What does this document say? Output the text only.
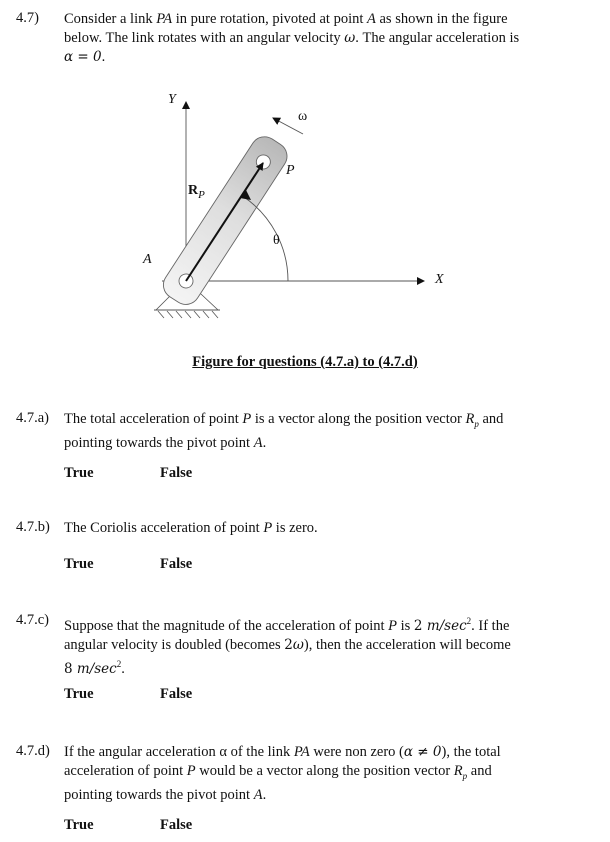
4.7) Consider a link PA in pure rotation, pivoted at point A as shown in the figure
below. The link rotates with an angular velocity ω. The angular acceleration is
α = 0.
Y
X
ω
P
A
$R_P$
θ
Figure for questions (4.7.a) to (4.7.d)
4.7.a) The total acceleration of point P is a vector along the position vector $R_p$ and
pointing towards the pivot point A.
True	False
4.7.b) The Coriolis acceleration of point P is zero.
True	False
4.7.c) Suppose that the magnitude of the acceleration of point P is 2 $m/\sec^2$. If the
angular velocity is doubled (becomes 2ω), then the acceleration will become
8 $m/\sec^2$.
True	False
4.7.d) If the angular acceleration α of the link PA were non zero (α ≠ 0), the total
acceleration of point P would be a vector along the position vector $R_p$ and
pointing towards the pivot point A.
True	False
